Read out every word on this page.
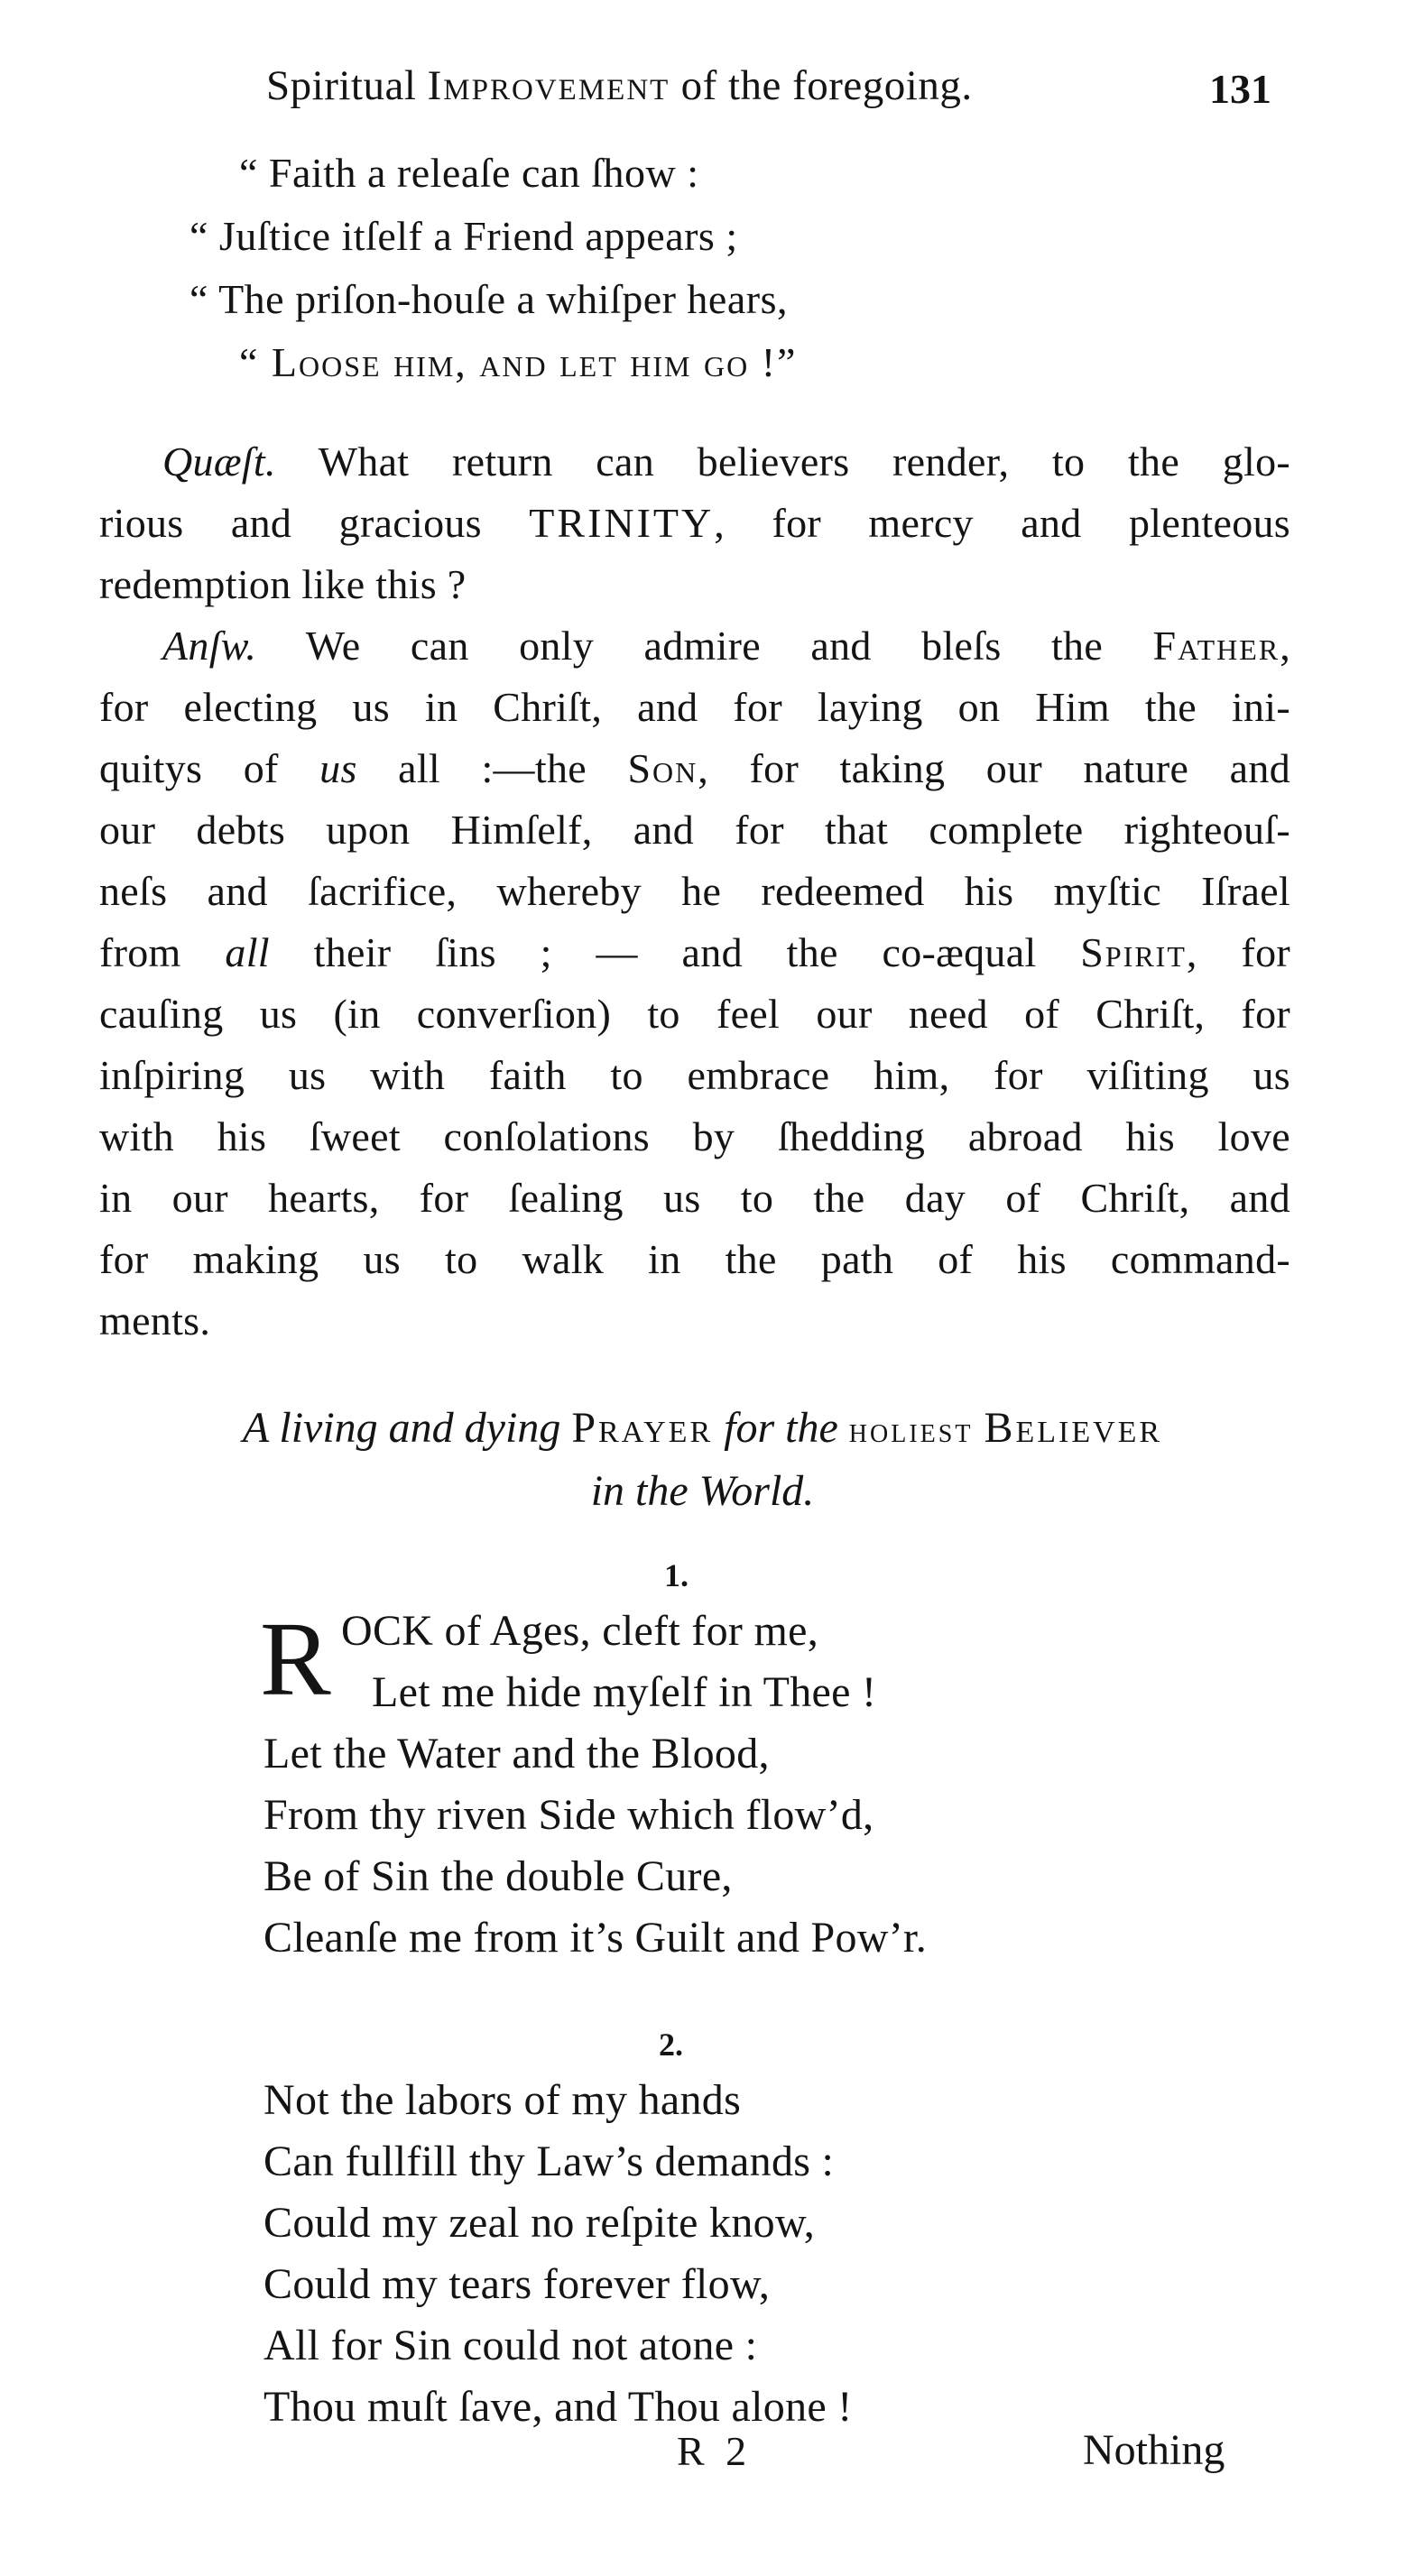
Spiritual Improvement of the foregoing.	131
“ Faith a releaſe can ſhow :
“ Juſtice itſelf a Friend appears ;
“ The priſon-houſe a whiſper hears,
“ Loose him, and let him go !”
Quæſt. What return can believers render, to the glo-
rious and gracious TRINITY, for mercy and plenteous
redemption like this ?
Anſw. We can only admire and bleſs the Father,
for electing us in Chriſt, and for laying on Him the ini-
quitys of us all :—the Son, for taking our nature and
our debts upon Himſelf, and for that complete righteouſ-
neſs and ſacrifice, whereby he redeemed his myſtic Iſrael
from all their ſins ; — and the co-æqual Spirit, for
cauſing us (in converſion) to feel our need of Chriſt, for
inſpiring us with faith to embrace him, for viſiting us
with his ſweet conſolations by ſhedding abroad his love
in our hearts, for ſealing us to the day of Chriſt, and
for making us to walk in the path of his command-
ments.
A living and dying Prayer for the holiest Believer
in the World.
1.
R OCK of Ages, cleft for me,
Let me hide myſelf in Thee !
Let the Water and the Blood,
From thy riven Side which flow’d,
Be of Sin the double Cure,
Cleanſe me from it’s Guilt and Pow’r.
2.
Not the labors of my hands
Can fullfill thy Law’s demands :
Could my zeal no reſpite know,
Could my tears forever flow,
All for Sin could not atone :
Thou muſt ſave, and Thou alone !
R 2	Nothing
